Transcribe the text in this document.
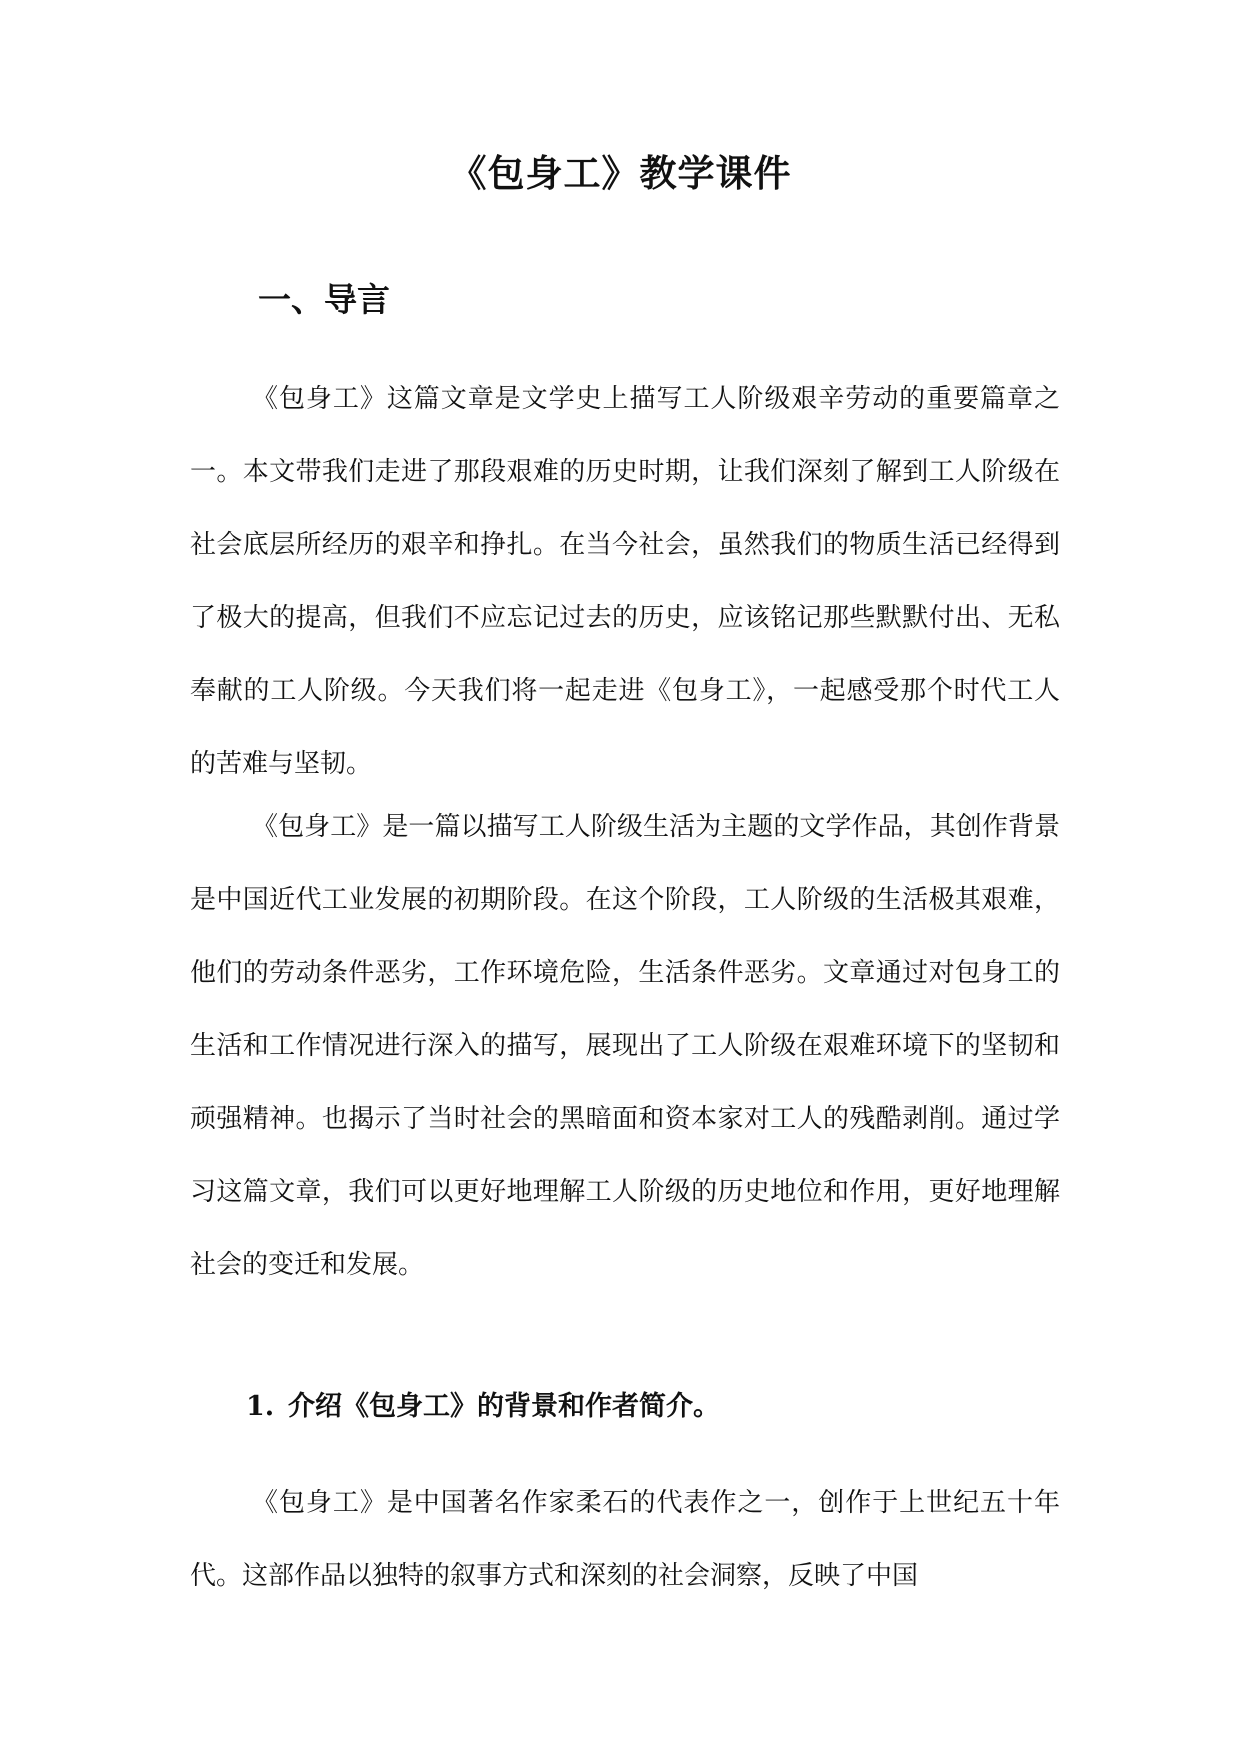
《包身工》教学课件
一、导言

《包身工》这篇文章是文学史上描写工人阶级艰辛劳动的重要篇章之一。本文带我们走进了那段艰难的历史时期，让我们深刻了解到工人阶级在社会底层所经历的艰辛和挣扎。在当今社会，虽然我们的物质生活已经得到了极大的提高，但我们不应忘记过去的历史，应该铭记那些默默付出、无私奉献的工人阶级。今天我们将一起走进《包身工》，一起感受那个时代工人的苦难与坚韧。

《包身工》是一篇以描写工人阶级生活为主题的文学作品，其创作背景是中国近代工业发展的初期阶段。在这个阶段，工人阶级的生活极其艰难，他们的劳动条件恶劣，工作环境危险，生活条件恶劣。文章通过对包身工的生活和工作情况进行深入的描写，展现出了工人阶级在艰难环境下的坚韧和顽强精神。也揭示了当时社会的黑暗面和资本家对工人的残酷剥削。通过学习这篇文章，我们可以更好地理解工人阶级的历史地位和作用，更好地理解社会的变迁和发展。

1. 介绍《包身工》的背景和作者简介。

《包身工》是中国著名作家柔石的代表作之一，创作于上世纪五十年代。这部作品以独特的叙事方式和深刻的社会洞察，反映了中国
